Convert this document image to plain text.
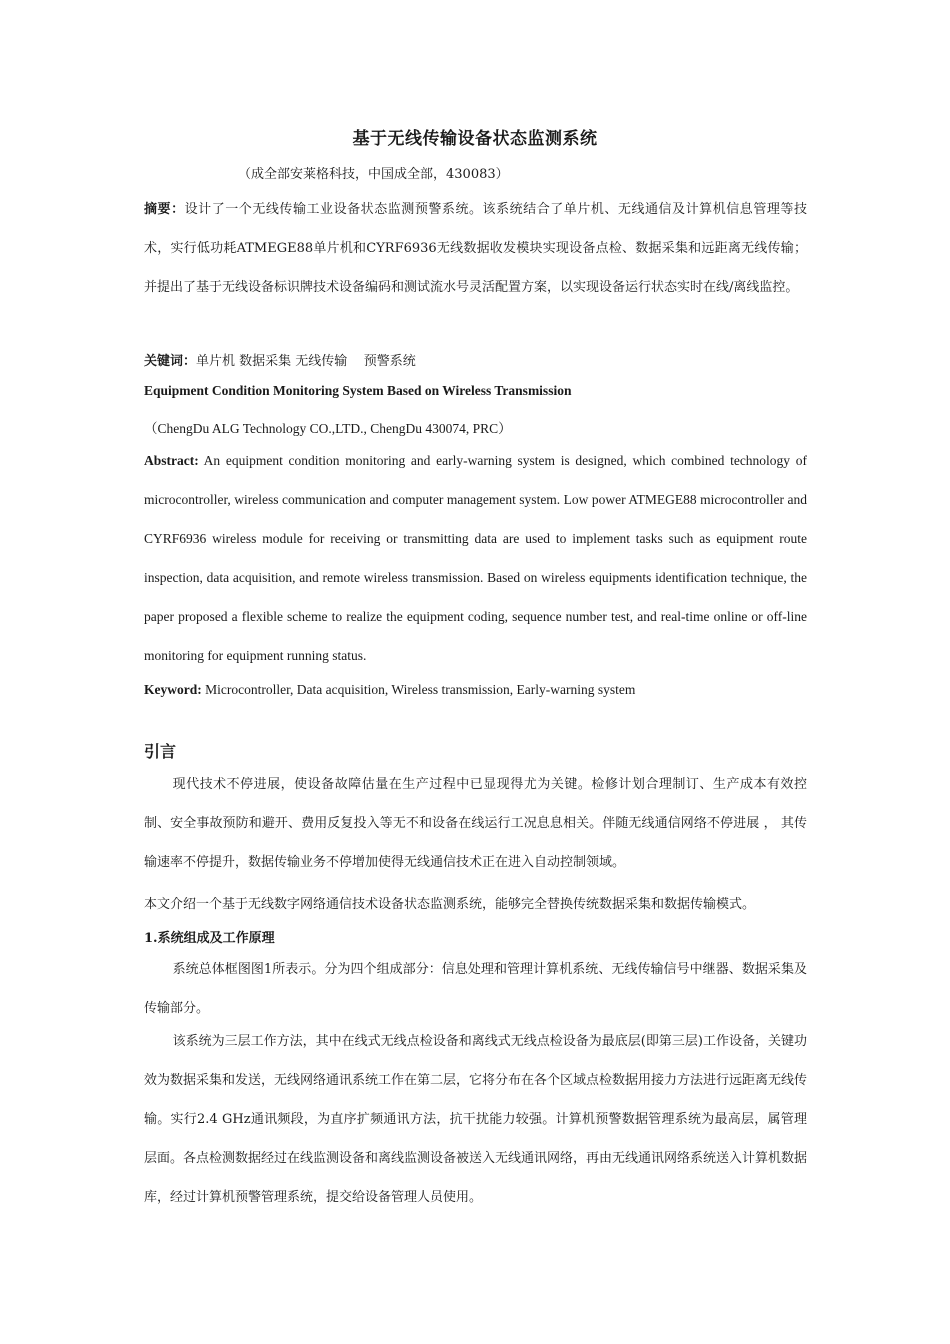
基于无线传输设备状态监测系统
（成全部安莱格科技，中国成全部，430083）
摘要：设计了一个无线传输工业设备状态监测预警系统。该系统结合了单片机、无线通信及计算机信息管理等技术，实行低功耗ATMEGE88单片机和CYRF6936无线数据收发模块实现设备点检、数据采集和远距离无线传输；并提出了基于无线设备标识牌技术设备编码和测试流水号灵活配置方案，以实现设备运行状态实时在线/离线监控。
关键词：单片机 数据采集 无线传输    预警系统
Equipment Condition Monitoring System Based on Wireless Transmission
（ChengDu ALG Technology CO.,LTD., ChengDu 430074, PRC）
Abstract: An equipment condition monitoring and early-warning system is designed, which combined technology of microcontroller, wireless communication and computer management system. Low power ATMEGE88 microcontroller and CYRF6936 wireless module for receiving or transmitting data are used to implement tasks such as equipment route inspection, data acquisition, and remote wireless transmission. Based on wireless equipments identification technique, the paper proposed a flexible scheme to realize the equipment coding, sequence number test, and real-time online or off-line monitoring for equipment running status.
Keyword: Microcontroller, Data acquisition, Wireless transmission, Early-warning system
引言
现代技术不停进展，使设备故障估量在生产过程中已显现得尤为关键。检修计划合理制订、生产成本有效控制、安全事故预防和避开、费用反复投入等无不和设备在线运行工况息息相关。伴随无线通信网络不停进展 ， 其传输速率不停提升，数据传输业务不停增加使得无线通信技术正在进入自动控制领域。
本文介绍一个基于无线数字网络通信技术设备状态监测系统，能够完全替换传统数据采集和数据传输模式。
1.系统组成及工作原理
系统总体框图图1所表示。分为四个组成部分：信息处理和管理计算机系统、无线传输信号中继器、数据采集及传输部分。
该系统为三层工作方法，其中在线式无线点检设备和离线式无线点检设备为最底层(即第三层)工作设备，关键功效为数据采集和发送，无线网络通讯系统工作在第二层，它将分布在各个区域点检数据用接力方法进行远距离无线传输。实行2.4 GHz通讯频段，为直序扩频通讯方法，抗干扰能力较强。计算机预警数据管理系统为最高层，属管理层面。各点检测数据经过在线监测设备和离线监测设备被送入无线通讯网络，再由无线通讯网络系统送入计算机数据库，经过计算机预警管理系统，提交给设备管理人员使用。
